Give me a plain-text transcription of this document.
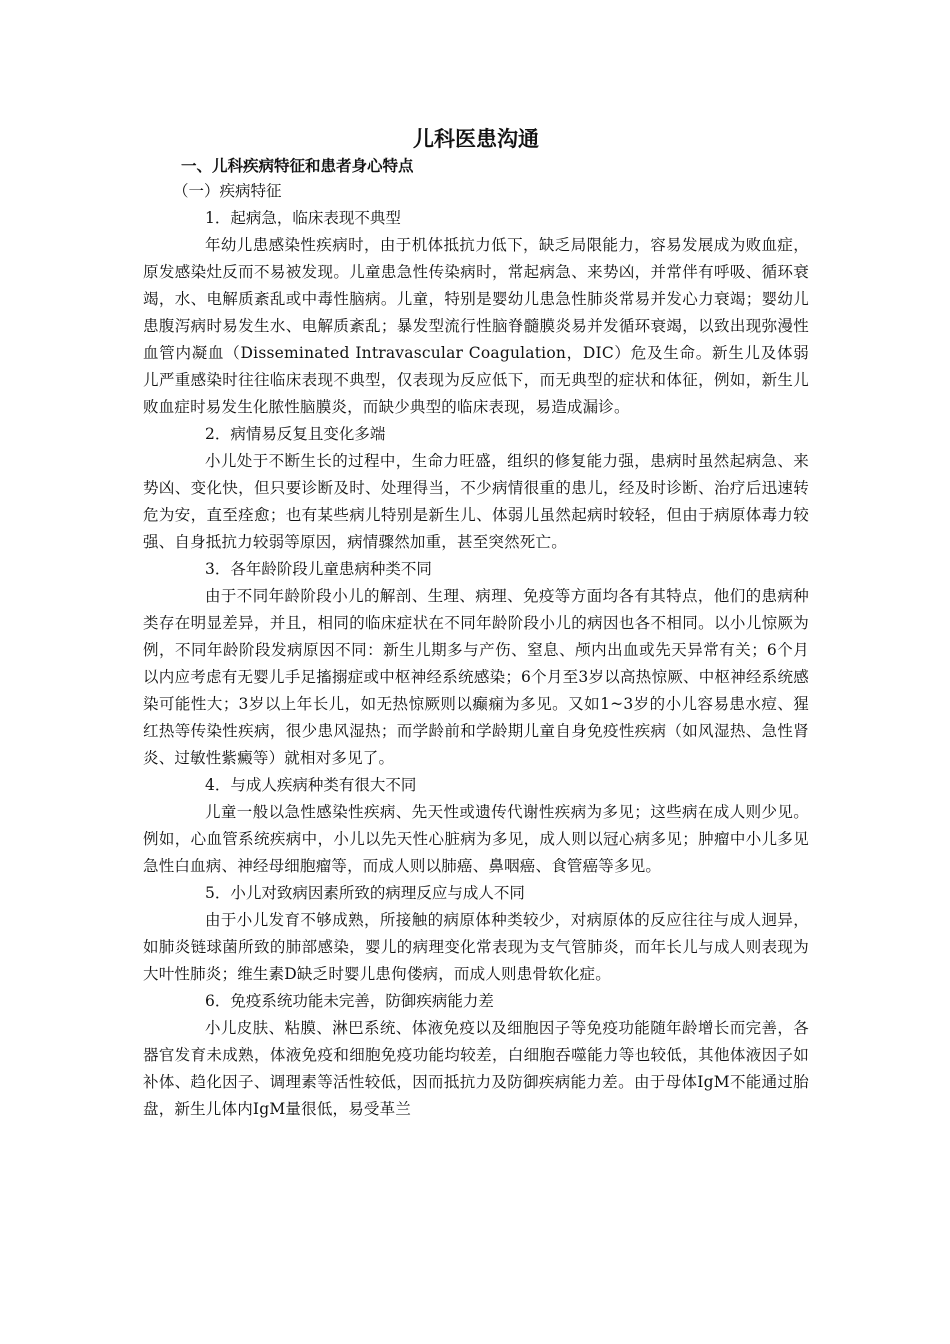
儿科医患沟通
一、儿科疾病特征和患者身心特点
（一）疾病特征
1．起病急，临床表现不典型

年幼儿患感染性疾病时，由于机体抵抗力低下，缺乏局限能力，容易发展成为败血症，原发感染灶反而不易被发现。儿童患急性传染病时，常起病急、来势凶，并常伴有呼吸、循环衰竭，水、电解质紊乱或中毒性脑病。儿童，特别是婴幼儿患急性肺炎常易并发心力衰竭；婴幼儿患腹泻病时易发生水、电解质紊乱；暴发型流行性脑脊髓膜炎易并发循环衰竭，以致出现弥漫性血管内凝血（Disseminated Intravascular Coagulation，DIC）危及生命。新生儿及体弱儿严重感染时往往临床表现不典型，仅表现为反应低下，而无典型的症状和体征，例如，新生儿败血症时易发生化脓性脑膜炎，而缺少典型的临床表现，易造成漏诊。

2．病情易反复且变化多端

小儿处于不断生长的过程中，生命力旺盛，组织的修复能力强，患病时虽然起病急、来势凶、变化快，但只要诊断及时、处理得当，不少病情很重的患儿，经及时诊断、治疗后迅速转危为安，直至痊愈；也有某些病儿特别是新生儿、体弱儿虽然起病时较轻，但由于病原体毒力较强、自身抵抗力较弱等原因，病情骤然加重，甚至突然死亡。

3．各年龄阶段儿童患病种类不同

由于不同年龄阶段小儿的解剖、生理、病理、免疫等方面均各有其特点，他们的患病种类存在明显差异，并且，相同的临床症状在不同年龄阶段小儿的病因也各不相同。以小儿惊厥为例，不同年龄阶段发病原因不同：新生儿期多与产伤、窒息、颅内出血或先天异常有关；6个月以内应考虑有无婴儿手足搐搦症或中枢神经系统感染；6个月至3岁以高热惊厥、中枢神经系统感染可能性大；3岁以上年长儿，如无热惊厥则以癫痫为多见。又如1~3岁的小儿容易患水痘、猩红热等传染性疾病，很少患风湿热；而学龄前和学龄期儿童自身免疫性疾病（如风湿热、急性肾炎、过敏性紫癜等）就相对多见了。

4．与成人疾病种类有很大不同

儿童一般以急性感染性疾病、先天性或遗传代谢性疾病为多见；这些病在成人则少见。例如，心血管系统疾病中，小儿以先天性心脏病为多见，成人则以冠心病多见；肿瘤中小儿多见急性白血病、神经母细胞瘤等，而成人则以肺癌、鼻咽癌、食管癌等多见。

5．小儿对致病因素所致的病理反应与成人不同

由于小儿发育不够成熟，所接触的病原体种类较少，对病原体的反应往往与成人迥异，如肺炎链球菌所致的肺部感染，婴儿的病理变化常表现为支气管肺炎，而年长儿与成人则表现为大叶性肺炎；维生素D缺乏时婴儿患佝偻病，而成人则患骨软化症。

6．免疫系统功能未完善，防御疾病能力差

小儿皮肤、粘膜、淋巴系统、体液免疫以及细胞因子等免疫功能随年龄增长而完善，各器官发育未成熟，体液免疫和细胞免疫功能均较差，白细胞吞噬能力等也较低，其他体液因子如补体、趋化因子、调理素等活性较低，因而抵抗力及防御疾病能力差。由于母体IgM不能通过胎盘，新生儿体内IgM量很低，易受革兰
